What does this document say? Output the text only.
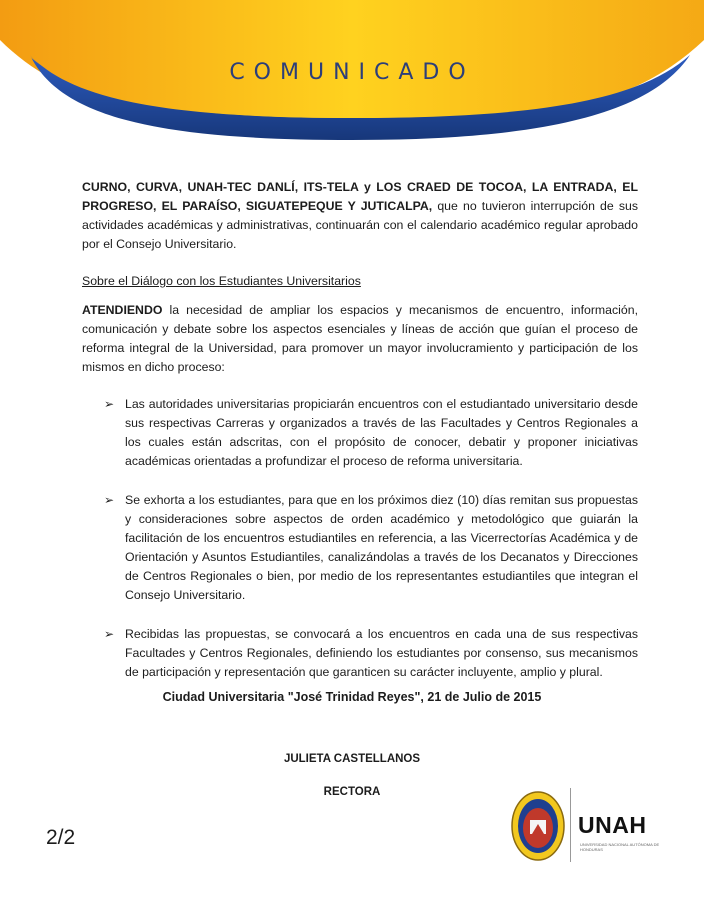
COMUNICADO

CURNO, CURVA, UNAH-TEC DANLÍ, ITS-TELA y LOS CRAED DE TOCOA, LA ENTRADA, EL PROGRESO, EL PARAÍSO, SIGUATEPEQUE Y JUTICALPA, que no tuvieron interrupción de sus actividades académicas y administrativas, continuarán con el calendario académico regular aprobado por el Consejo Universitario.

Sobre el Diálogo con los Estudiantes Universitarios

ATENDIENDO la necesidad de ampliar los espacios y mecanismos de encuentro, información, comunicación y debate sobre los aspectos esenciales y líneas de acción que guían el proceso de reforma integral de la Universidad, para promover un mayor involucramiento y participación de los mismos en dicho proceso:

➢ Las autoridades universitarias propiciarán encuentros con el estudiantado universitario desde sus respectivas Carreras y organizados a través de las Facultades y Centros Regionales a los cuales están adscritas, con el propósito de conocer, debatir y proponer iniciativas académicas orientadas a profundizar el proceso de reforma universitaria.
➢ Se exhorta a los estudiantes, para que en los próximos diez (10) días remitan sus propuestas y consideraciones sobre aspectos de orden académico y metodológico que guiarán la facilitación de los encuentros estudiantiles en referencia, a las Vicerrectorías Académica y de Orientación y Asuntos Estudiantiles, canalizándolas a través de los Decanatos y Direcciones de Centros Regionales o bien, por medio de los representantes estudiantiles que integran el Consejo Universitario.
➢ Recibidas las propuestas, se convocará a los encuentros en cada una de sus respectivas Facultades y Centros Regionales, definiendo los estudiantes por consenso, sus mecanismos de participación y representación que garanticen su carácter incluyente, amplio y plural.
Ciudad Universitaria "José Trinidad Reyes", 21 de Julio de 2015
JULIETA CASTELLANOS
RECTORA
2/2	UNAH
UNIVERSIDAD NACIONAL AUTÓNOMA DE HONDURAS
